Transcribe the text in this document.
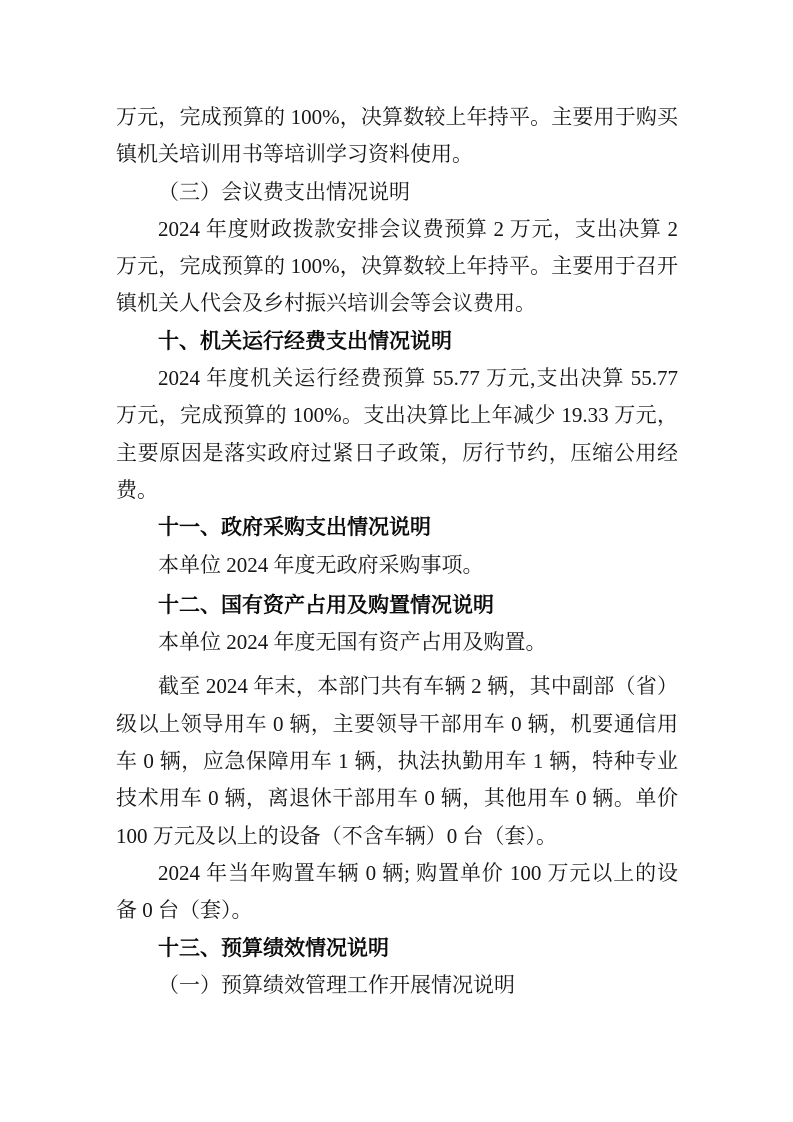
万元，完成预算的 100%，决算数较上年持平。主要用于购买
镇机关培训用书等培训学习资料使用。
（三）会议费支出情况说明
2024 年度财政拨款安排会议费预算 2 万元，支出决算 2
万元，完成预算的 100%，决算数较上年持平。主要用于召开
镇机关人代会及乡村振兴培训会等会议费用。
十、机关运行经费支出情况说明
2024 年度机关运行经费预算 55.77 万元,支出决算 55.77
万元，完成预算的 100%。支出决算比上年减少 19.33 万元，
主要原因是落实政府过紧日子政策，厉行节约，压缩公用经
费。
十一、政府采购支出情况说明
本单位 2024 年度无政府采购事项。
十二、国有资产占用及购置情况说明
本单位 2024 年度无国有资产占用及购置。
截至 2024 年末，本部门共有车辆 2 辆，其中副部（省）
级以上领导用车 0 辆，主要领导干部用车 0 辆，机要通信用
车 0 辆，应急保障用车 1 辆，执法执勤用车 1 辆，特种专业
技术用车 0 辆，离退休干部用车 0 辆，其他用车 0 辆。单价
100 万元及以上的设备（不含车辆）0 台（套）。
2024 年当年购置车辆 0 辆; 购置单价 100 万元以上的设
备 0 台（套）。
十三、预算绩效情况说明
（一）预算绩效管理工作开展情况说明
